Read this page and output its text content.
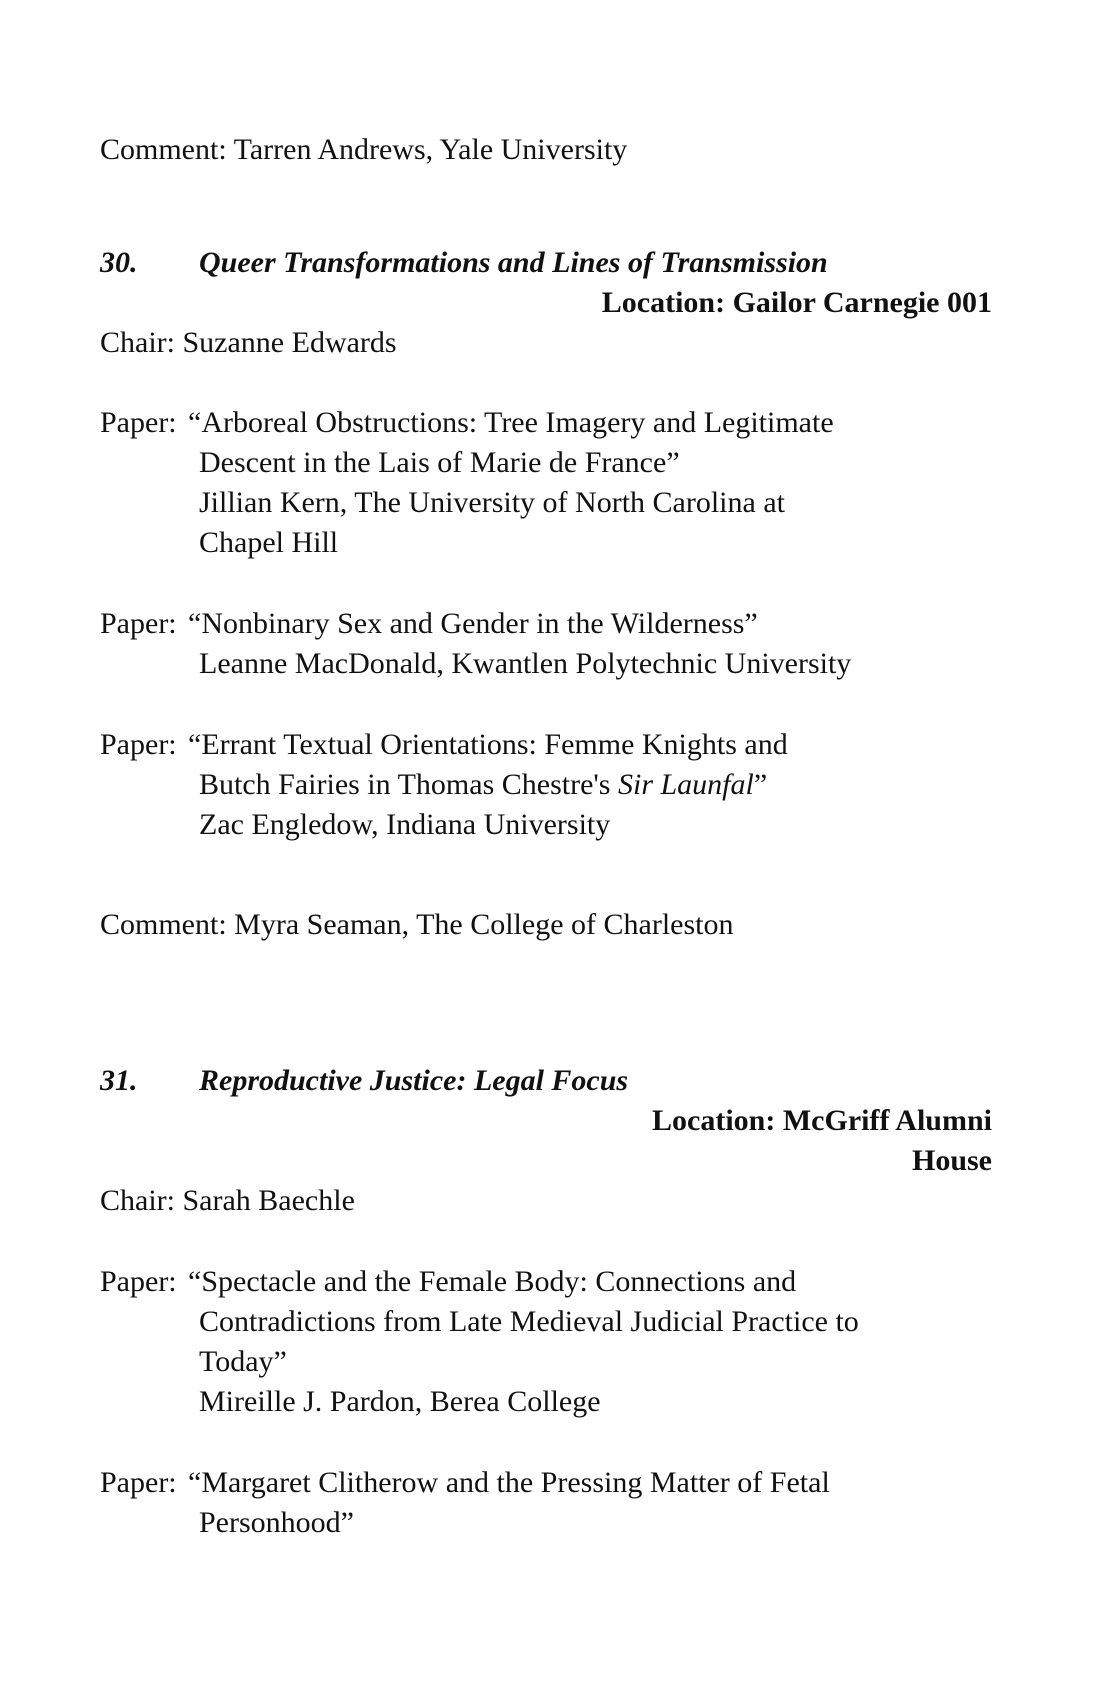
Comment: Tarren Andrews, Yale University
30. Queer Transformations and Lines of Transmission
Location: Gailor Carnegie 001
Chair: Suzanne Edwards
Paper: “Arboreal Obstructions: Tree Imagery and Legitimate
Descent in the Lais of Marie de France”
Jillian Kern, The University of North Carolina at
Chapel Hill
Paper: “Nonbinary Sex and Gender in the Wilderness”
Leanne MacDonald, Kwantlen Polytechnic University
Paper: “Errant Textual Orientations: Femme Knights and
Butch Fairies in Thomas Chestre's Sir Launfal”
Zac Engledow, Indiana University
Comment: Myra Seaman, The College of Charleston
31. Reproductive Justice: Legal Focus
Location: McGriff Alumni
House
Chair: Sarah Baechle
Paper: “Spectacle and the Female Body: Connections and
Contradictions from Late Medieval Judicial Practice to
Today”
Mireille J. Pardon, Berea College
Paper: “Margaret Clitherow and the Pressing Matter of Fetal
Personhood”
